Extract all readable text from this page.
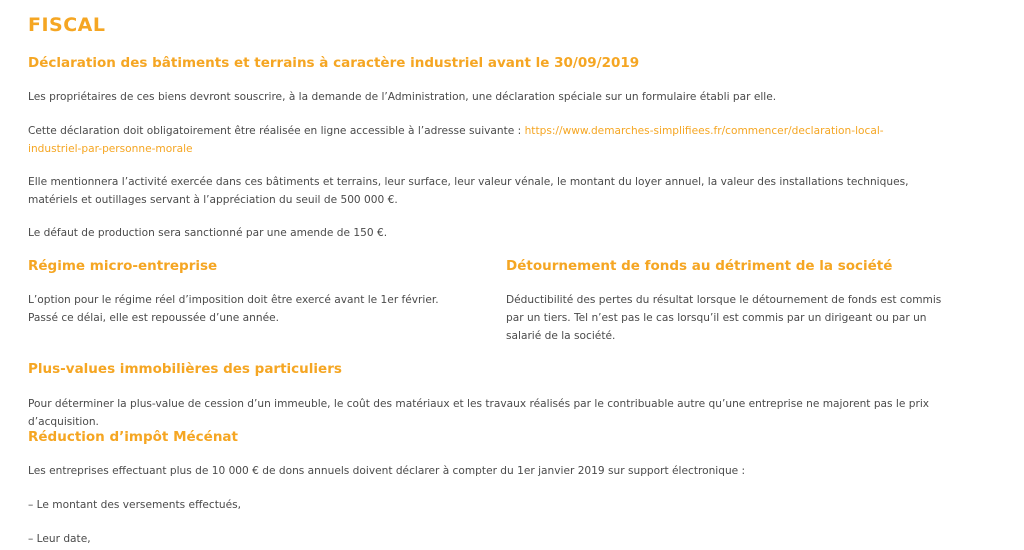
FISCAL
Déclaration des bâtiments et terrains à caractère industriel avant le 30/09/2019

Les propriétaires de ces biens devront souscrire, à la demande de l’Administration, une déclaration spéciale sur un formulaire établi par elle.

Cette déclaration doit obligatoirement être réalisée en ligne accessible à l’adresse suivante : https://www.demarches-simplifiees.fr/commencer/declaration-local-industriel-par-personne-morale

Elle mentionnera l’activité exercée dans ces bâtiments et terrains, leur surface, leur valeur vénale, le montant du loyer annuel, la valeur des installations techniques, matériels et outillages servant à l’appréciation du seuil de 500 000 €.

Le défaut de production sera sanctionné par une amende de 150 €.

Régime micro-entreprise

L’option pour le régime réel d’imposition doit être exercé avant le 1er février. Passé ce délai, elle est repoussée d’une année.

Détournement de fonds au détriment de la société

Déductibilité des pertes du résultat lorsque le détournement de fonds est commis par un tiers. Tel n’est pas le cas lorsqu’il est commis par un dirigeant ou par un salarié de la société.

Plus-values immobilières des particuliers

Pour déterminer la plus-value de cession d’un immeuble, le coût des matériaux et les travaux réalisés par le contribuable autre qu’une entreprise ne majorent pas le prix d’acquisition.

Réduction d’impôt Mécénat

Les entreprises effectuant plus de 10 000 € de dons annuels doivent déclarer à compter du 1er janvier 2019 sur support électronique :

– Le montant des versements effectués,

– Leur date,
